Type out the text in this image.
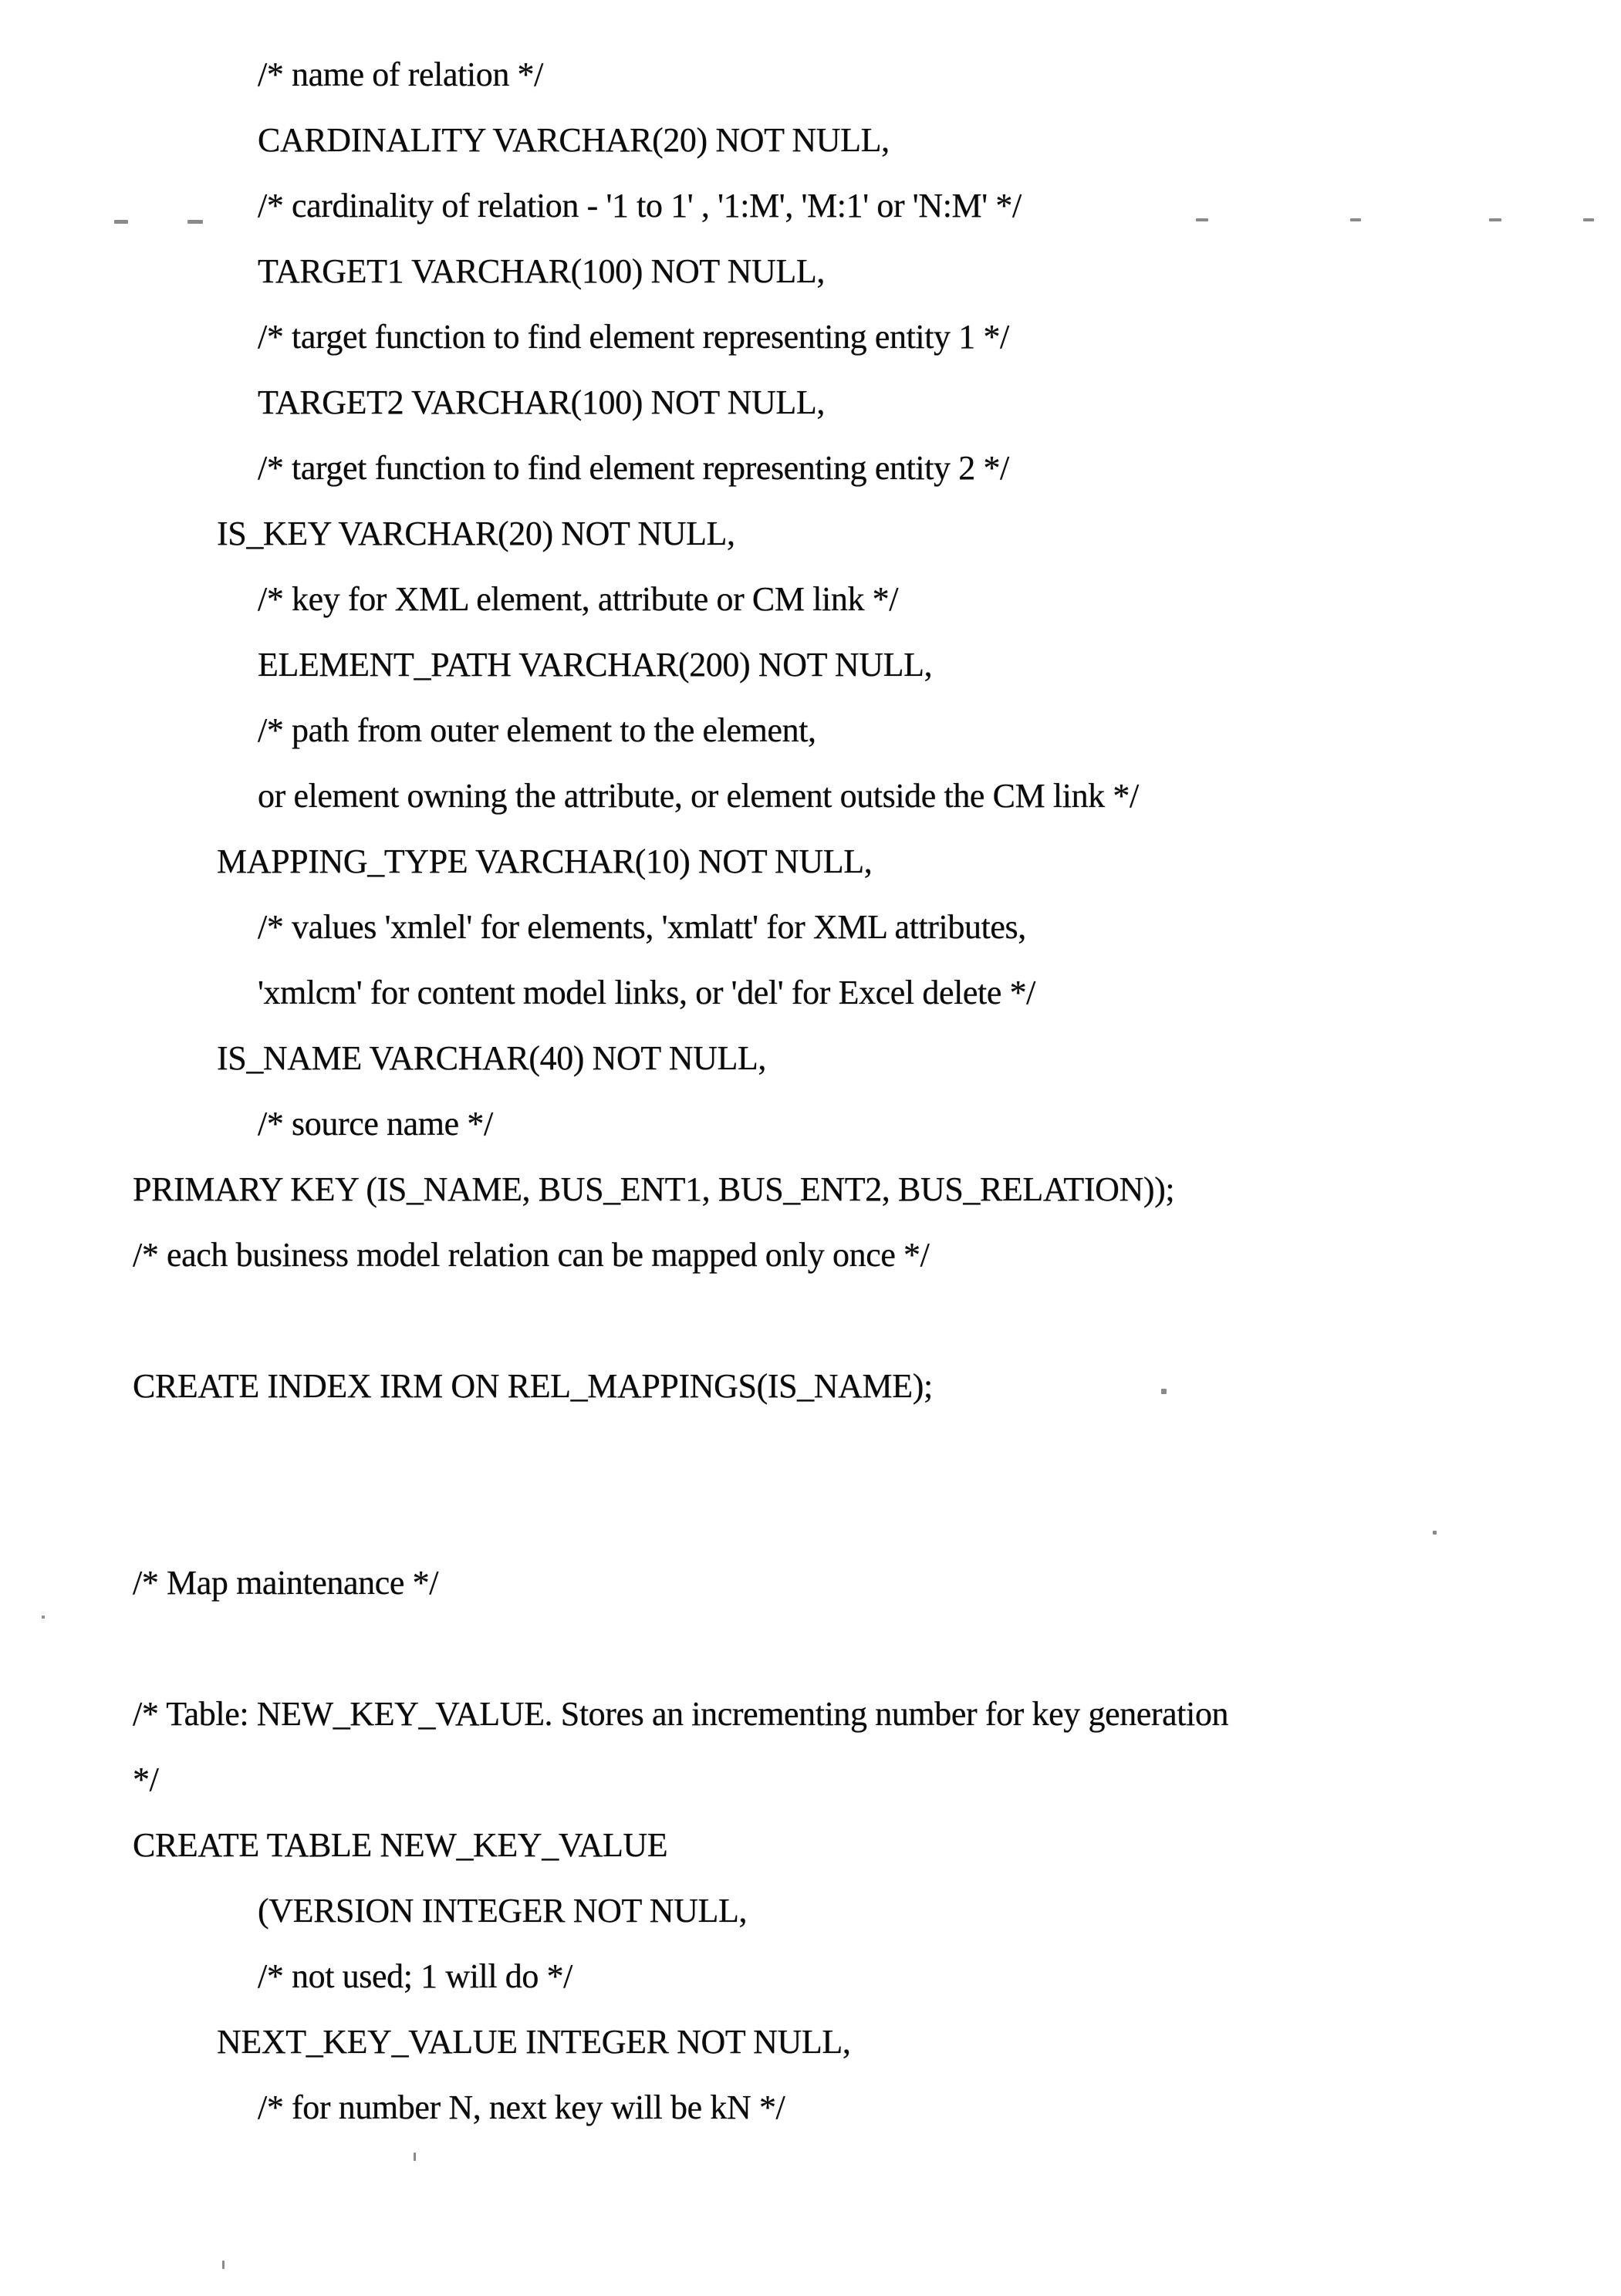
/* name of relation */
CARDINALITY VARCHAR(20) NOT NULL,
/* cardinality of relation - '1 to 1' , '1:M', 'M:1' or 'N:M' */
TARGET1 VARCHAR(100) NOT NULL,
/* target function to find element representing entity 1 */
TARGET2 VARCHAR(100) NOT NULL,
/* target function to find element representing entity 2 */
IS_KEY VARCHAR(20) NOT NULL,
/* key for XML element, attribute or CM link */
ELEMENT_PATH VARCHAR(200) NOT NULL,
/* path from outer element to the element,
or element owning the attribute, or element outside the CM link */
MAPPING_TYPE VARCHAR(10) NOT NULL,
/* values 'xmlel' for elements, 'xmlatt' for XML attributes,
'xmlcm' for content model links, or 'del' for Excel delete */
IS_NAME VARCHAR(40) NOT NULL,
/* source name */
PRIMARY KEY (IS_NAME, BUS_ENT1, BUS_ENT2, BUS_RELATION));
/* each business model relation can be mapped only once */
CREATE INDEX IRM ON REL_MAPPINGS(IS_NAME);
/* Map maintenance */
/* Table: NEW_KEY_VALUE. Stores an incrementing number for key generation
*/
CREATE TABLE NEW_KEY_VALUE
(VERSION INTEGER NOT NULL,
/* not used; 1 will do */
NEXT_KEY_VALUE INTEGER NOT NULL,
/* for number N, next key will be kN */
